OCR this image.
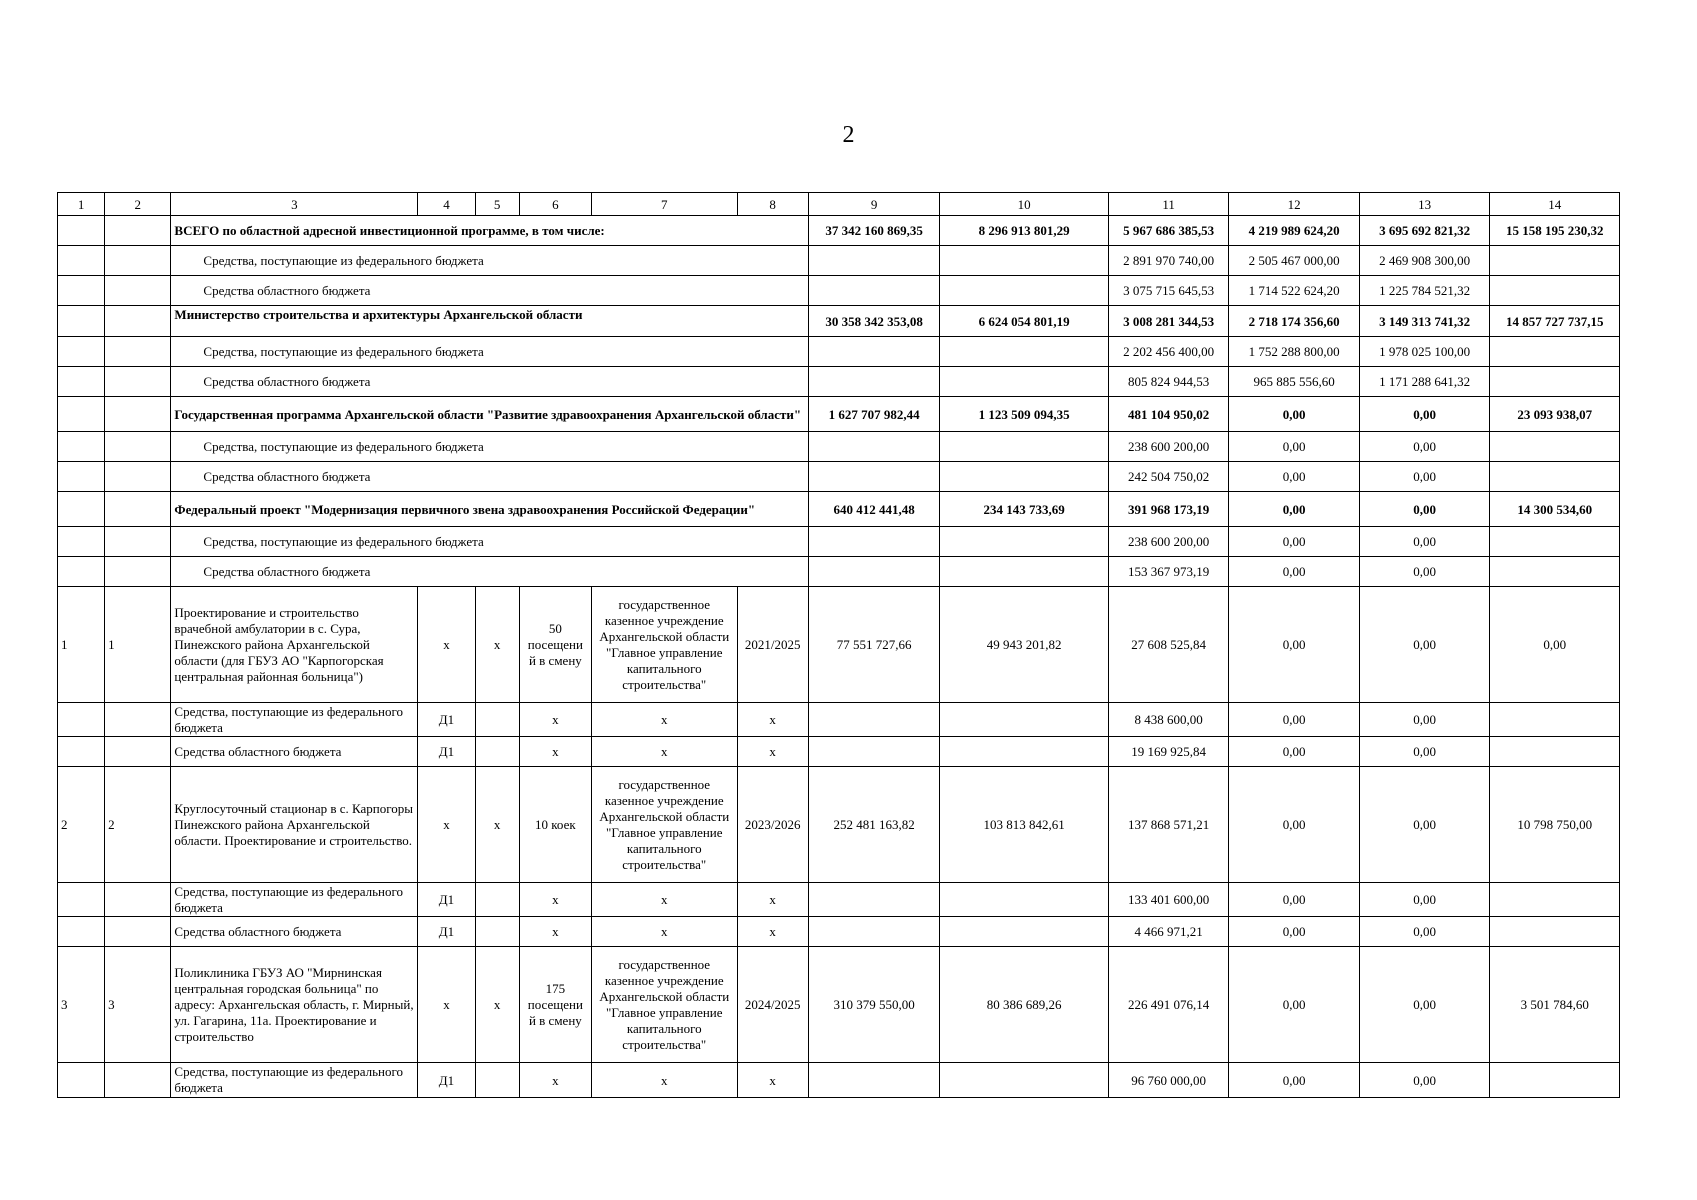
2
1	2	3	4	5	6	7	8	9	10	11	12	13	14
		ВСЕГО по областной адресной инвестиционной программе, в том числе:						37 342 160 869,35	8 296 913 801,29	5 967 686 385,53	4 219 989 624,20	3 695 692 821,32	15 158 195 230,32
		Средства, поступающие из федерального бюджета								2 891 970 740,00	2 505 467 000,00	2 469 908 300,00	
		Средства областного бюджета								3 075 715 645,53	1 714 522 624,20	1 225 784 521,32	
		Министерство строительства и архитектуры Архангельской области						30 358 342 353,08	6 624 054 801,19	3 008 281 344,53	2 718 174 356,60	3 149 313 741,32	14 857 727 737,15
		Средства, поступающие из федерального бюджета								2 202 456 400,00	1 752 288 800,00	1 978 025 100,00	
		Средства областного бюджета								805 824 944,53	965 885 556,60	1 171 288 641,32	
		Государственная программа Архангельской области "Развитие здравоохранения Архангельской области"						1 627 707 982,44	1 123 509 094,35	481 104 950,02	0,00	0,00	23 093 938,07
		Средства, поступающие из федерального бюджета								238 600 200,00	0,00	0,00	
		Средства областного бюджета								242 504 750,02	0,00	0,00	
		Федеральный проект "Модернизация первичного звена здравоохранения Российской Федерации"						640 412 441,48	234 143 733,69	391 968 173,19	0,00	0,00	14 300 534,60
		Средства, поступающие из федерального бюджета								238 600 200,00	0,00	0,00	
		Средства областного бюджета								153 367 973,19	0,00	0,00	
1	1	Проектирование и строительство врачебной амбулатории в с. Сура, Пинежского района Архангельской области (для ГБУЗ АО "Карпогорская центральная районная больница")	х	х	50 посещени й в смену	государственное казенное учреждение Архангельской области "Главное управление капитального строительства"	2021/2025	77 551 727,66	49 943 201,82	27 608 525,84	0,00	0,00	0,00
		Средства, поступающие из федерального бюджета	Д1		х	х	х			8 438 600,00	0,00	0,00	
		Средства областного бюджета	Д1		х	х	х			19 169 925,84	0,00	0,00	
2	2	Круглосуточный стационар в с. Карпогоры Пинежского района Архангельской области. Проектирование и строительство.	х	х	10 коек	государственное казенное учреждение Архангельской области "Главное управление капитального строительства"	2023/2026	252 481 163,82	103 813 842,61	137 868 571,21	0,00	0,00	10 798 750,00
		Средства, поступающие из федерального бюджета	Д1		х	х	х			133 401 600,00	0,00	0,00	
		Средства областного бюджета	Д1		х	х	х			4 466 971,21	0,00	0,00	
3	3	Поликлиника ГБУЗ АО "Мирнинская центральная городская больница" по адресу: Архангельская область, г. Мирный, ул. Гагарина, 11а. Проектирование и строительство	х	х	175 посещени й в смену	государственное казенное учреждение Архангельской области "Главное управление капитального строительства"	2024/2025	310 379 550,00	80 386 689,26	226 491 076,14	0,00	0,00	3 501 784,60
		Средства, поступающие из федерального бюджета	Д1		х	х	х			96 760 000,00	0,00	0,00	
